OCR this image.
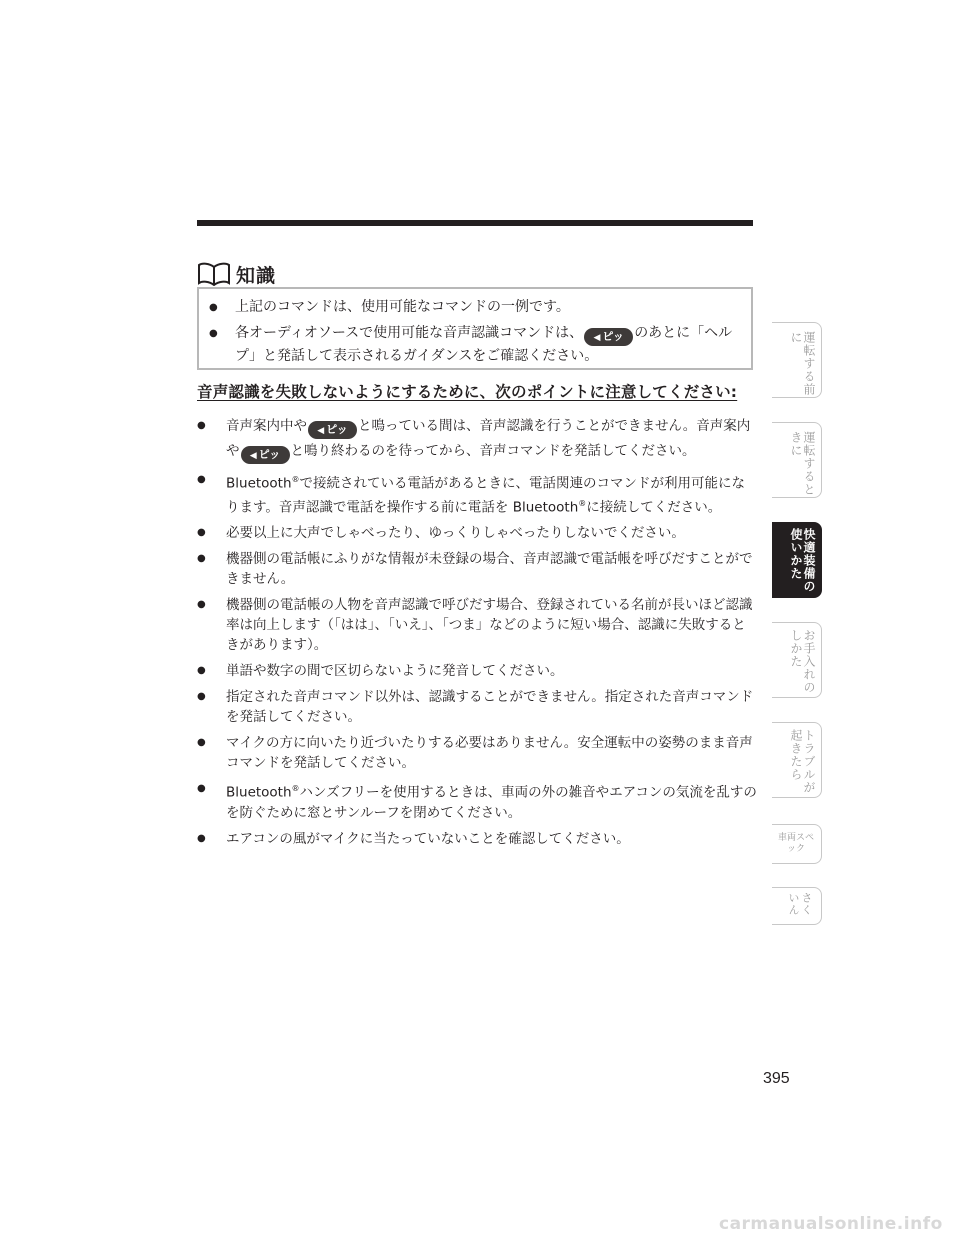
知識
●	上記のコマンドは、使用可能なコマンドの一例です。
●	各オーディオソースで使用可能な音声認識コマンドは、 ◀ ピッ のあとに「ヘルプ」と発話して表示されるガイダンスをご確認ください。
音声認識を失敗しないようにするために、次のポイントに注意してください:
●	音声案内中や ◀ ピッ と鳴っている間は、音声認識を行うことができません。音声案内や ◀ ピッ と鳴り終わるのを待ってから、音声コマンドを発話してください。
●	Bluetooth®で接続されている電話があるときに、電話関連のコマンドが利用可能になります。音声認識で電話を操作する前に電話を Bluetooth®に接続してください。
●	必要以上に大声でしゃべったり、ゆっくりしゃべったりしないでください。
●	機器側の電話帳にふりがな情報が未登録の場合、音声認識で電話帳を呼びだすことができません。
●	機器側の電話帳の人物を音声認識で呼びだす場合、登録されている名前が長いほど認識率は向上します（「はは」、「いえ」、「つま」などのように短い場合、認識に失敗するときがあります）。
●	単語や数字の間で区切らないように発音してください。
●	指定された音声コマンド以外は、認識することができません。指定された音声コマンドを発話してください。
●	マイクの方に向いたり近づいたりする必要はありません。安全運転中の姿勢のまま音声コマンドを発話してください。
●	Bluetooth®ハンズフリーを使用するときは、車両の外の雑音やエアコンの気流を乱すのを防ぐために窓とサンルーフを閉めてください。
●	エアコンの風がマイクに当たっていないことを確認してください。
運転する前に
運転するときに
快適装備の使いかた
お手入れのしかた
トラブルが起きたら
車両スペック
さくいん
395
carmanualsonline.info
